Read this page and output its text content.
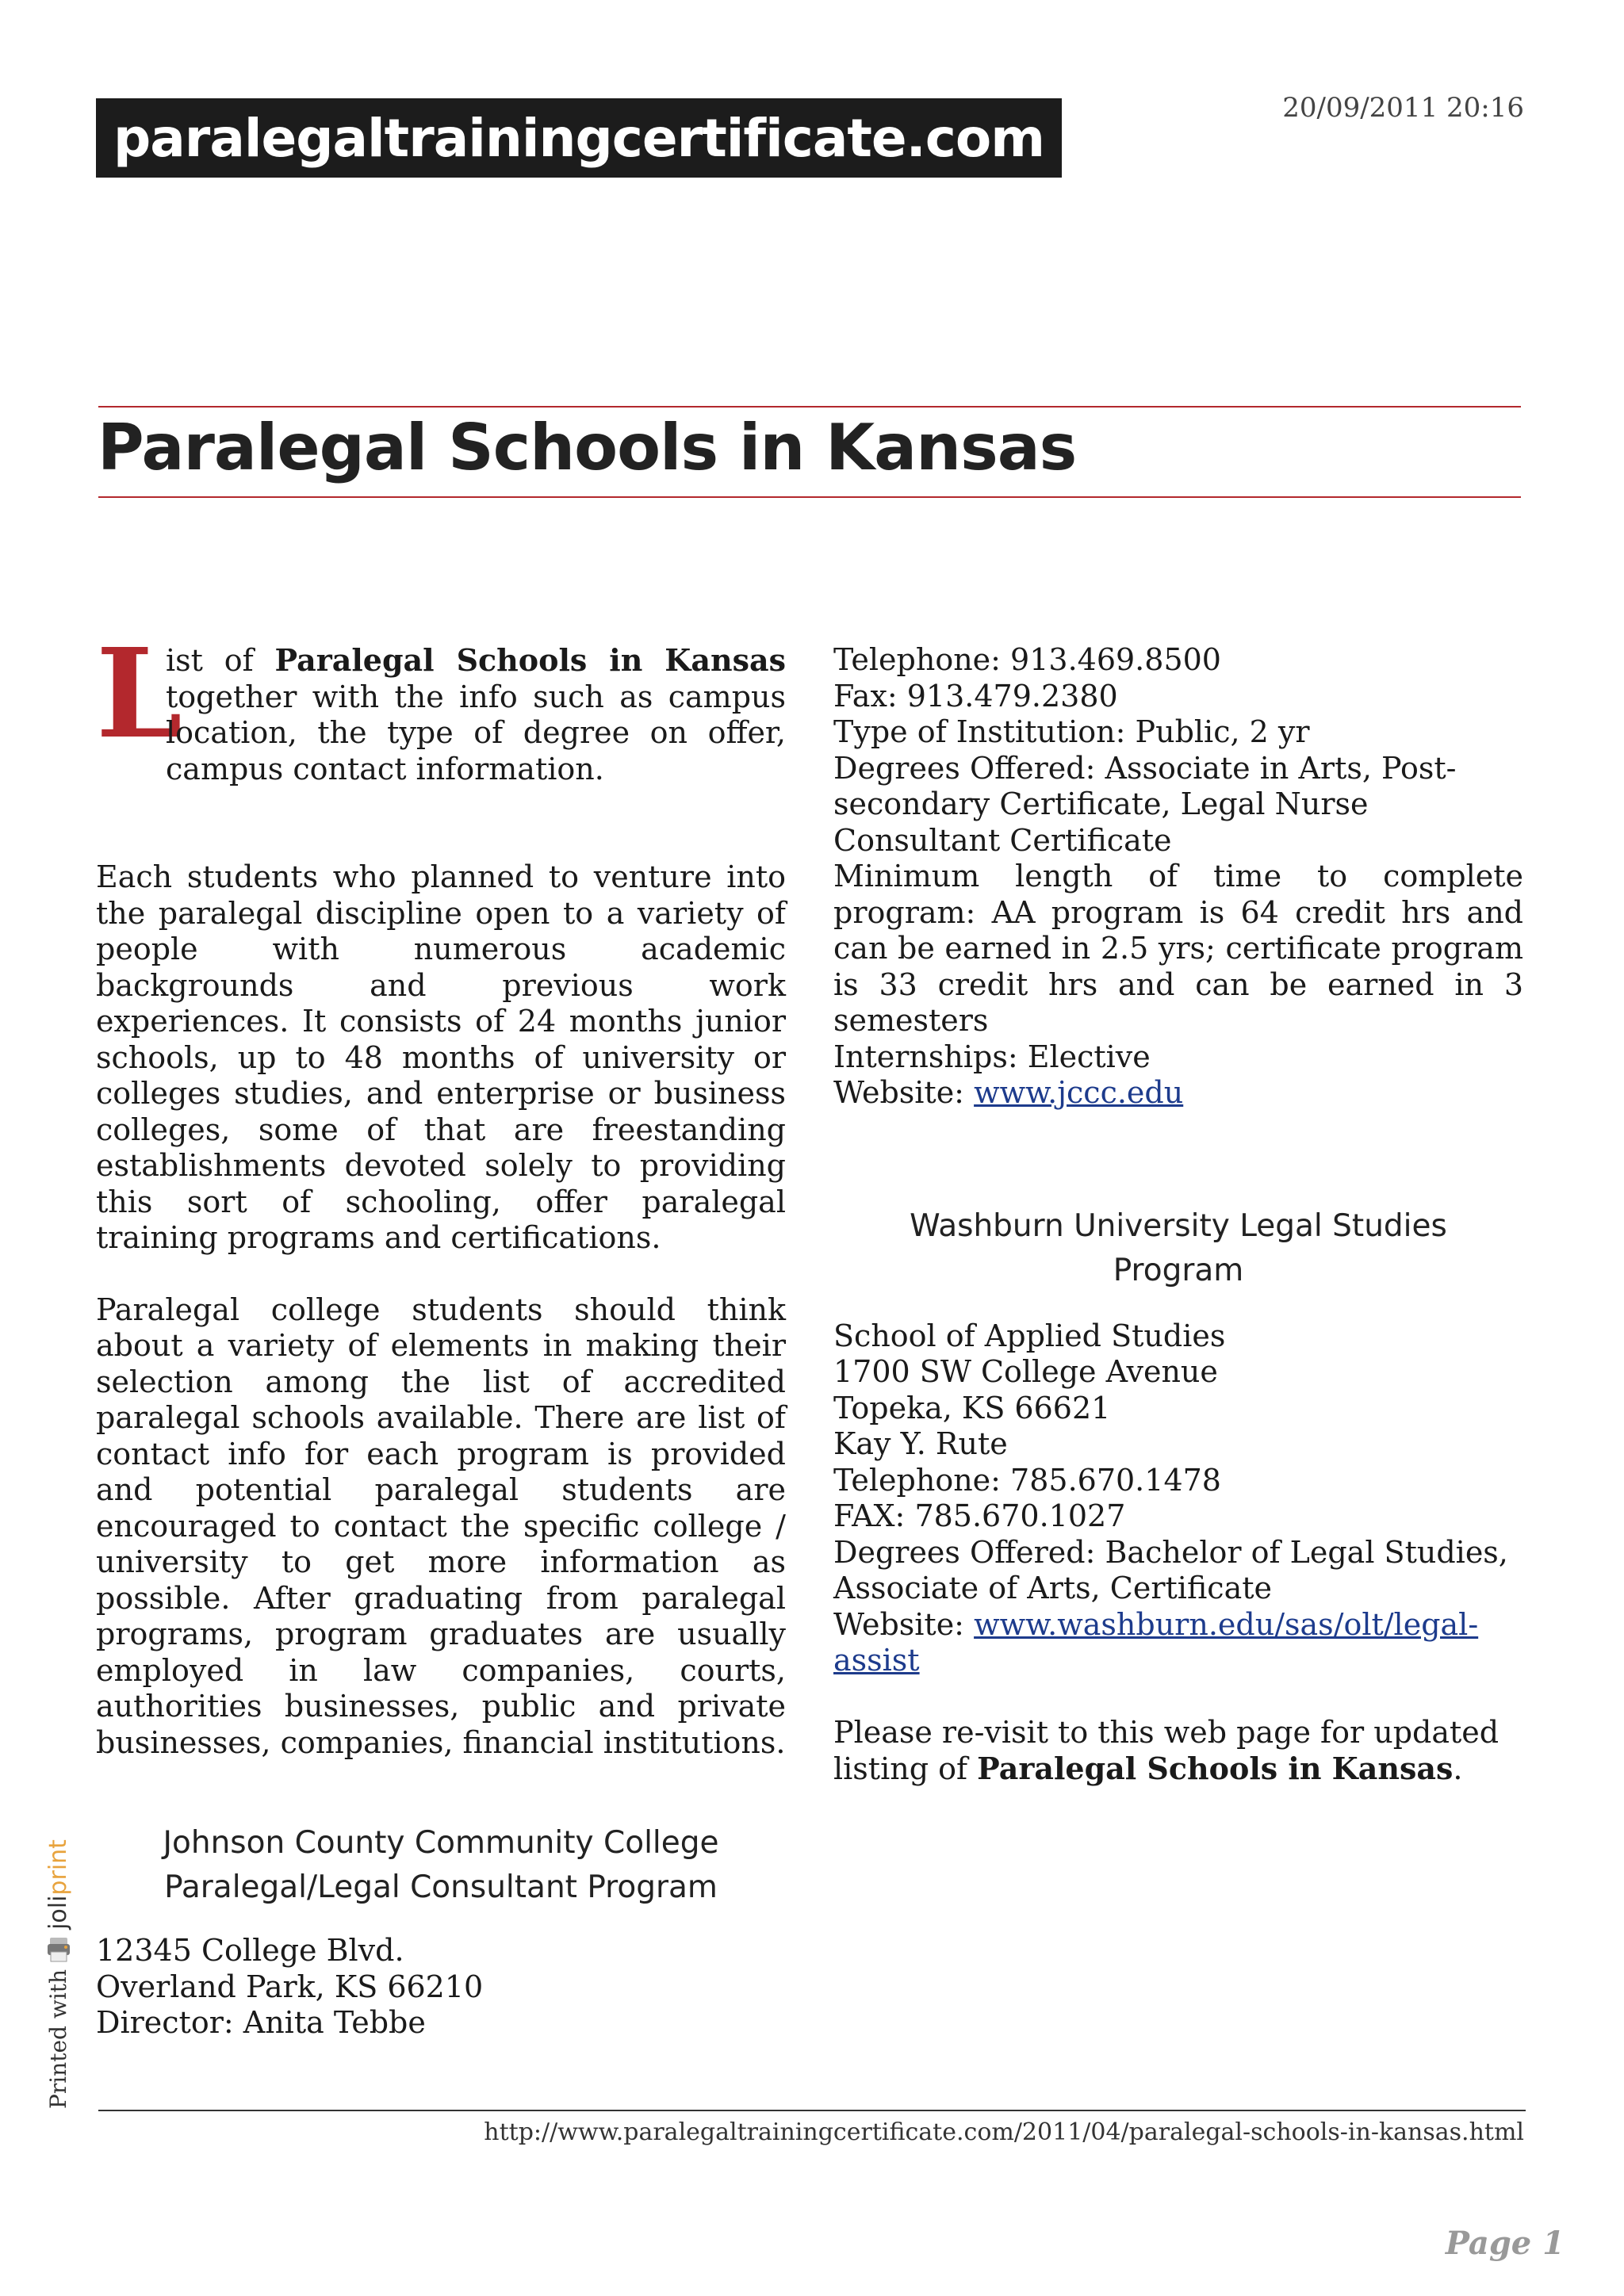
paralegaltrainingcertificate.com	20/09/2011 20:16
Paralegal Schools in Kansas
L
ist of Paralegal Schools in Kansas together with the info such as campus location, the type of degree on offer, campus contact information.

Each students who planned to venture into the paralegal discipline open to a variety of people with numerous academic backgrounds and previous work experiences. It consists of 24 months junior schools, up to 48 months of university or colleges studies, and enterprise or business colleges, some of that are freestanding establishments devoted solely to providing this sort of schooling, offer paralegal training programs and certifications.

Paralegal college students should think about a variety of elements in making their selection among the list of accredited paralegal schools available. There are list of contact info for each program is provided and potential paralegal students are encouraged to contact the specific college / university to get more information as possible. After graduating from paralegal programs, program graduates are usually employed in law companies, courts, authorities businesses, public and private businesses, companies, financial institutions.

Johnson County Community College
Paralegal/Legal Consultant Program

12345 College Blvd.

Overland Park, KS 66210

Director: Anita Tebbe

Telephone: 913.469.8500

Fax: 913.479.2380

Type of Institution: Public, 2 yr

Degrees Offered: Associate in Arts, Post-secondary Certificate, Legal Nurse Consultant Certificate

Minimum length of time to complete program: AA program is 64 credit hrs and can be earned in 2.5 yrs; certificate program is 33 credit hrs and can be earned in 3 semesters

Internships: Elective

Website: www.jccc.edu

Washburn University Legal Studies
Program

School of Applied Studies

1700 SW College Avenue

Topeka, KS 66621

Kay Y. Rute

Telephone: 785.670.1478

FAX: 785.670.1027

Degrees Offered: Bachelor of Legal Studies, Associate of Arts, Certificate

Website: www.washburn.edu/sas/olt/legal-assist

Please re-visit to this web page for updated listing of Paralegal Schools in Kansas.

Printed with
joliprint
http://www.paralegaltrainingcertificate.com/2011/04/paralegal-schools-in-kansas.html
Page 1
